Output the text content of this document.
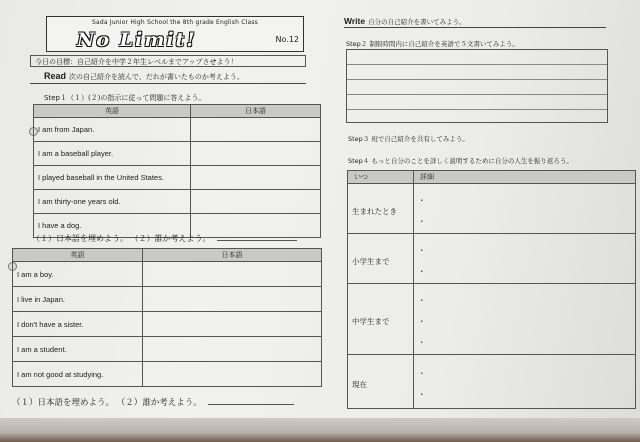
Sada Junior High School the 8th grade English Class
No Limit!	No.12
今日の目標：自己紹介を中学２年生レベルまでアップさせよう！
Read 次の自己紹介を読んで、だれが書いたものか考えよう。
Step１（１）(２)の指示に従って問題に答えよう。
英語	日本語
I am from Japan.	
I am a baseball player.	
I played baseball in the United States.	
I am thirty-one years old.	
I have a dog.	
（１）日本語を埋めよう。 （２）誰か考えよう。
英語	日本語
I am a boy.	
I live in Japan.	
I don't have a sister.	
I am a student.	
I am not good at studying.	
（１）日本語を埋めよう。 （２）誰か考えよう。
Write 自分の自己紹介を書いてみよう。
Step２ 制限時間内に自己紹介を英語で５文書いてみよう。
Step３ 班で自己紹介を共有してみよう。
Step４ もっと自分のことを詳しく説明するために自分の人生を振り返ろう。
いつ	詳細
生まれたとき	・
・
小学生まで	・
・
中学生まで	・
・
・
現在	・
・
